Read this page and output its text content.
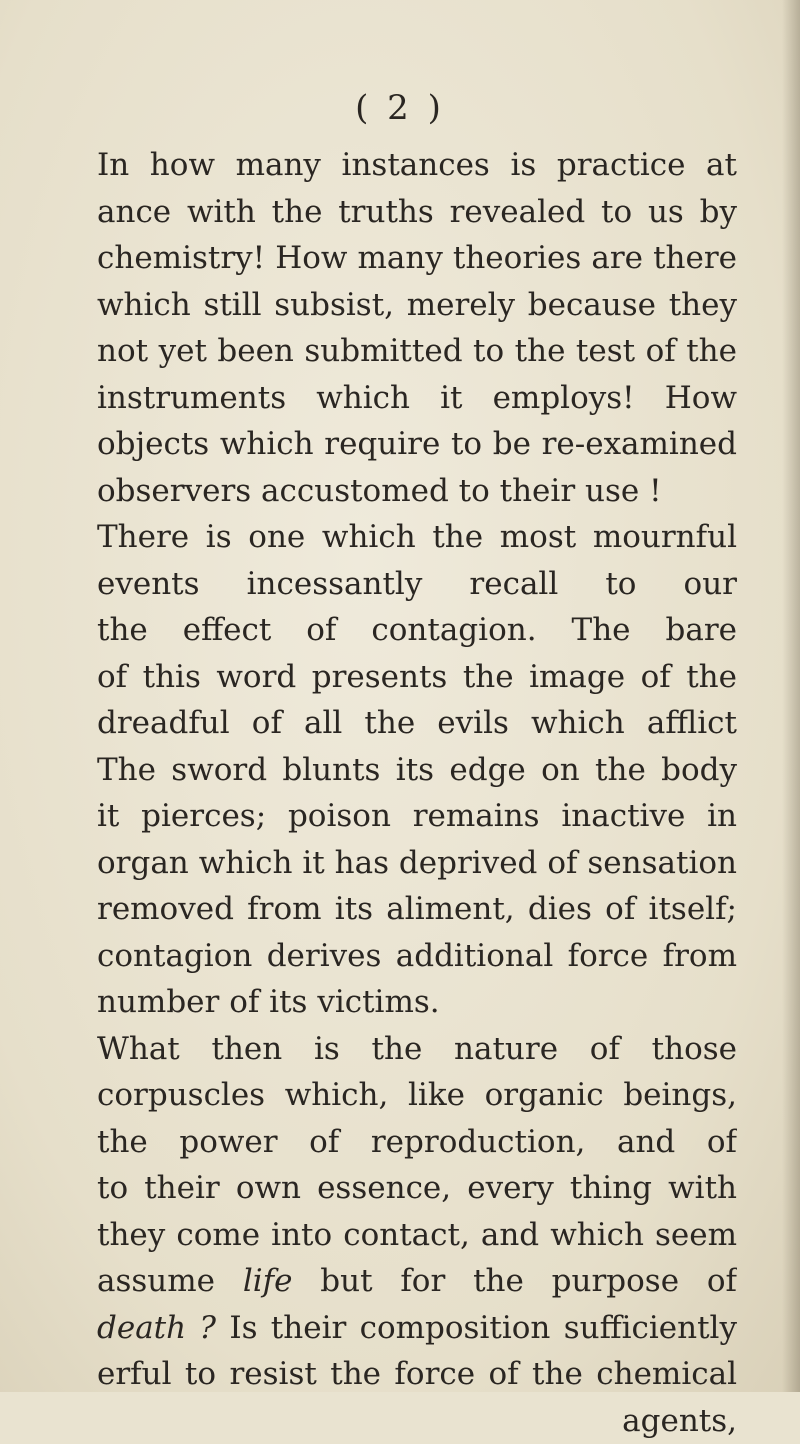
( 2 )
In how many instances is practice at
ance with the truths revealed to us by
chemistry! How many theories are there
which still subsist, merely because they
not yet been submitted to the test of the
instruments which it employs! How
objects which require to be re-examined
observers accustomed to their use !
There is one which the most mournful
events incessantly recall to our
the effect of contagion. The bare
of this word presents the image of the
dreadful of all the evils which afflict
The sword blunts its edge on the body
it pierces; poison remains inactive in
organ which it has deprived of sensation
removed from its aliment, dies of itself;
contagion derives additional force from
number of its victims.
What then is the nature of those
corpuscles which, like organic beings,
the power of reproduction, and of
to their own essence, every thing with
they come into contact, and which seem
assume life but for the purpose of
death ? Is their composition sufficiently
erful to resist the force of the chemical
agents,
